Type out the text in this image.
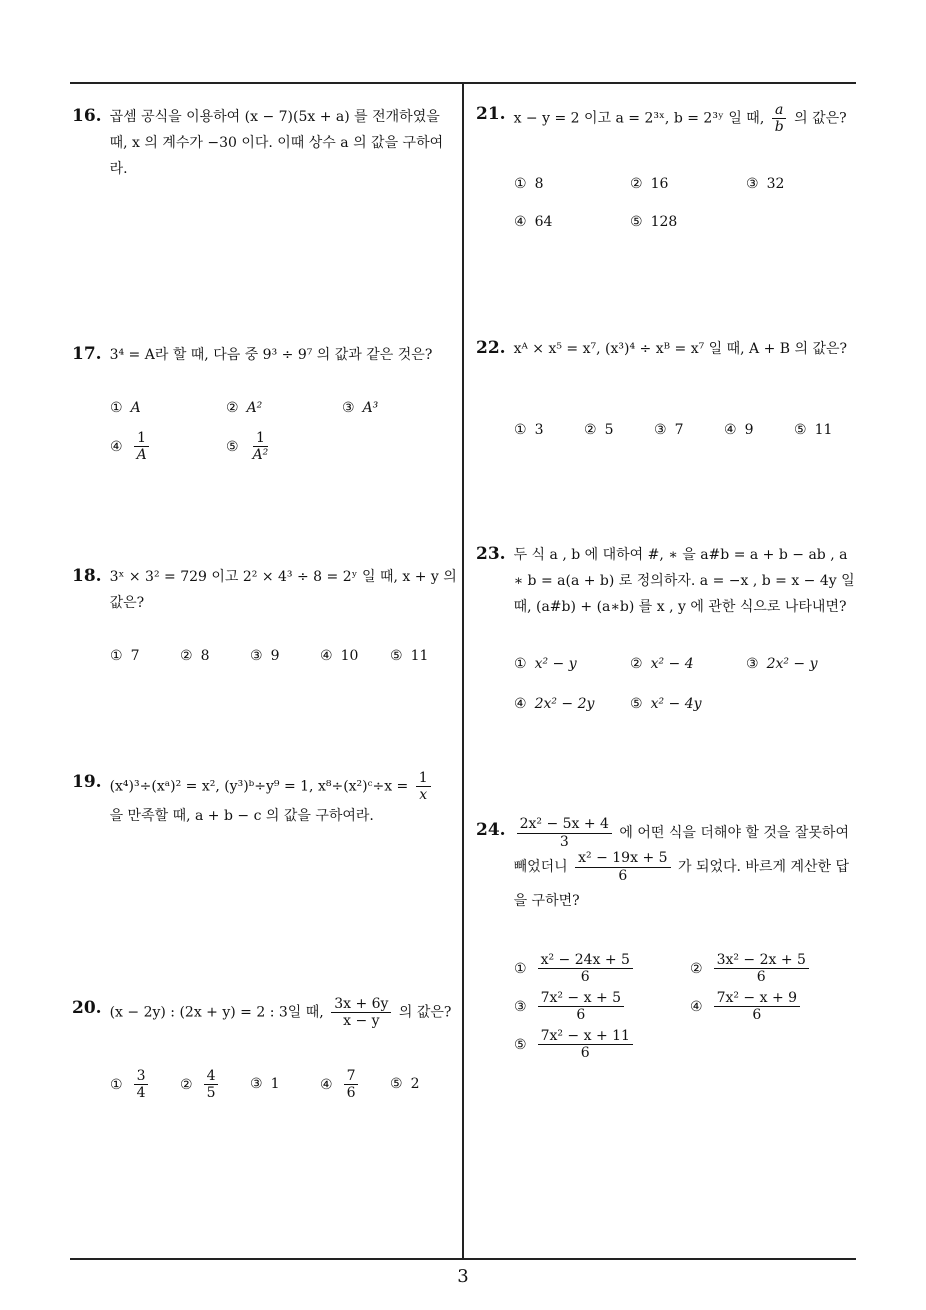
16. 곱셈 공식을 이용하여 (x − 7)(5x + a) 를 전개하였을 때, x 의 계수가 −30 이다. 이때 상수 a 의 값을 구하여라.
17. 3⁴ = A라 할 때, 다음 중 9³ ÷ 9⁷ 의 값과 같은 것은?
① A	② A²	③ A³
④ $\frac{1}{A}$	⑤ $\frac{1}{\text{A²}}$
18. 3ˣ × 3² = 729 이고 2² × 4³ ÷ 8 = 2ʸ 일 때, x + y 의 값은?
① 7	② 8	③ 9	④ 10 ⑤ 11
19. (x⁴)³÷(xᵃ)² = x², (y³)ᵇ÷y⁹ = 1, x⁸÷(x²)ᶜ÷x = $\frac{1}{x}$

을 만족할 때, a + b − c 의 값을 구하여라.
20. (x − 2y) : (2x + y) = 2 : 3일 때, $\frac{3x + 6y}{x - y}$ 의 값은?
① $\frac{3}{4}$ ② $\frac{4}{5}$ ③ 1	④ $\frac{7}{6}$ ⑤ 2
21. x − y = 2 이고 a = 2³ˣ, b = 2³ʸ 일 때, $\frac{a}{b}$ 의 값은?
① 8	② 16	③ 32
④ 64	⑤ 128
22. xᴬ × x⁵ = x⁷, (x³)⁴ ÷ xᴮ = x⁷ 일 때, A + B 의 값은?
① 3	② 5	③ 7	④ 9	⑤ 11
23. 두 식 a , b 에 대하여 #, ∗ 을 a#b = a + b − ab , a ∗ b = a(a + b) 로 정의하자. a = −x , b = x − 4y 일 때, (a#b) + (a∗b) 를 x , y 에 관한 식으로 나타내면?
① x² − y	② x² − 4	③ 2x² − y
④ 2x² − 2y	⑤ x² − 4y
24. $\frac{\text{2x² − 5x + 4}}{3}$ 에 어떤 식을 더해야 할 것을 잘못하여
빼었더니 $\frac{\text{x² − 19x + 5}}{6}$ 가 되었다. 바르게 계산한 답을 구하면?
① $\frac{\text{x² − 24x + 5}}{6}$	② $\frac{\text{3x² − 2x + 5}}{6}$
③ $\frac{\text{7x² − x + 5}}{6}$	④ $\frac{\text{7x² − x + 9}}{6}$
⑤ $\frac{\text{7x² − x + 11}}{6}$
3
